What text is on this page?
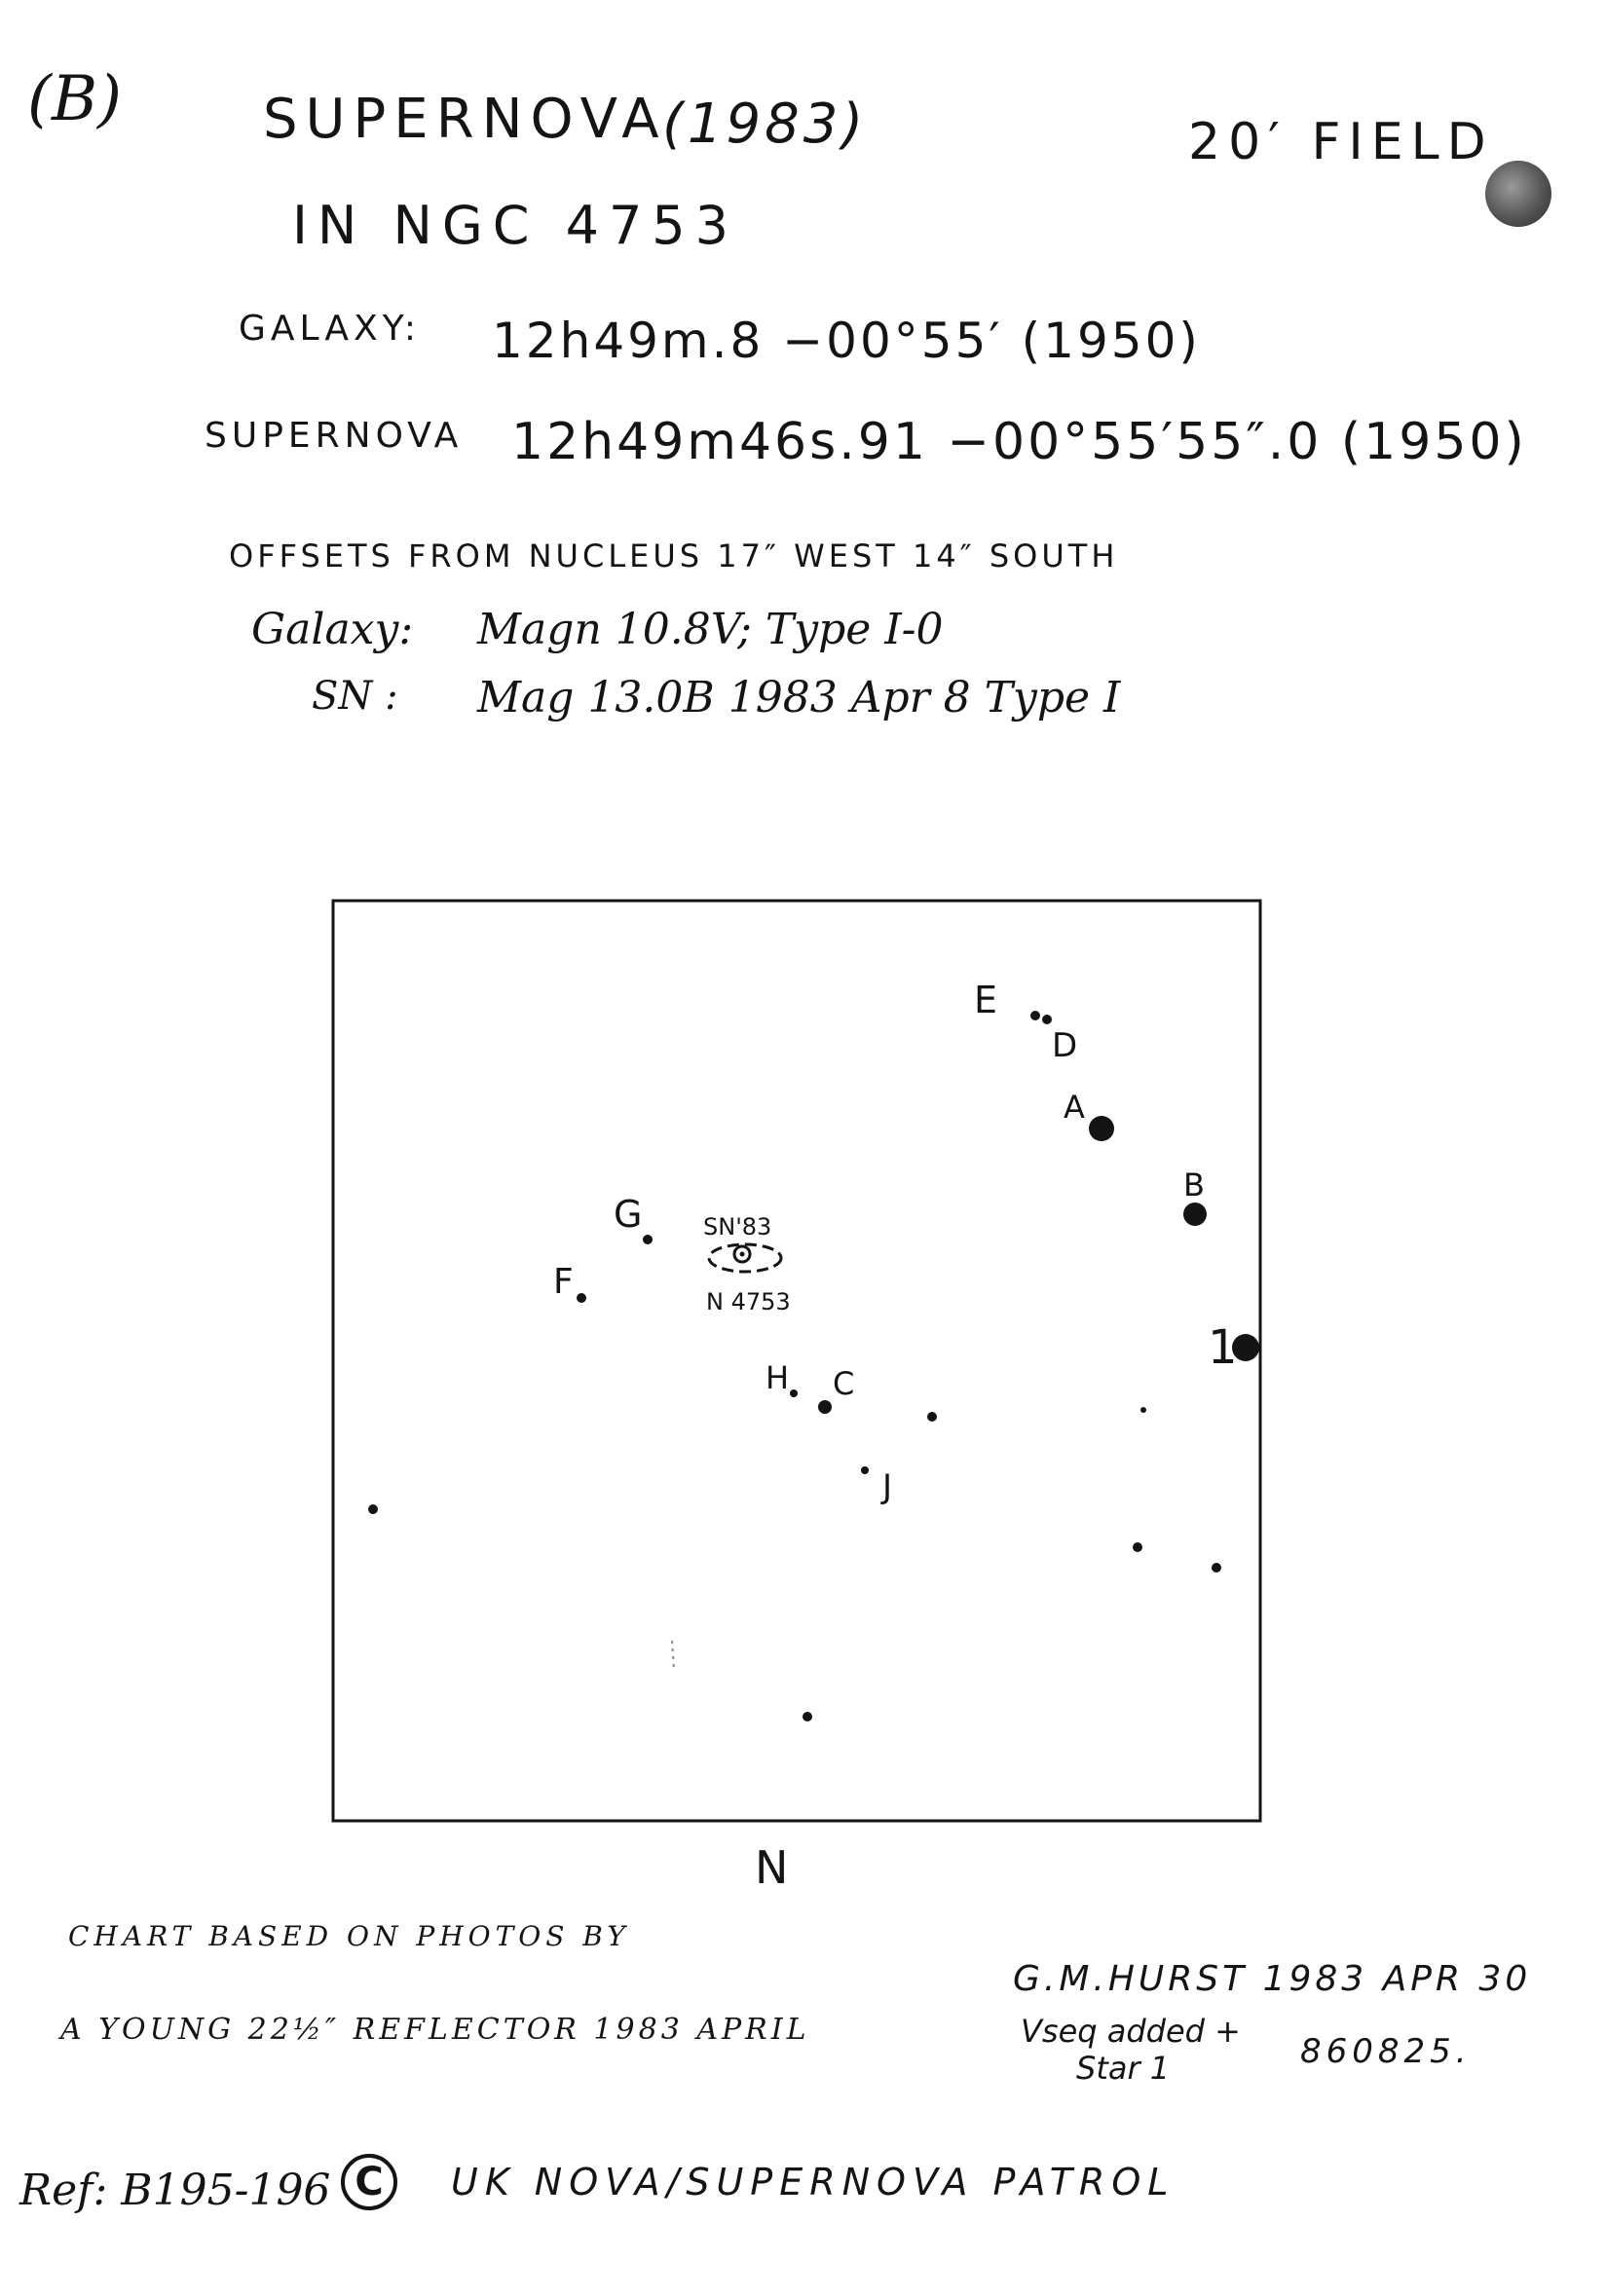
(B)	SUPERNOVA
(1983)	20′ FIELD
IN NGC 4753
GALAXY: 12h49m.8 −00°55′ (1950)
SUPERNOVA 12h49m46s.91 −00°55′55″.0 (1950)
OFFSETS FROM NUCLEUS 17″ WEST 14″ SOUTH
Galaxy: Magn 10.8V; Type I-0
SN : Mag 13.0B 1983 Apr 8 Type I
E
D
A
B
1
G
F
H C
J
SN'83
N 4753
N
CHART BASED ON PHOTOS BY
A YOUNG 22½″ REFLECTOR 1983 APRIL
G.M.HURST 1983 APR 30
Vseq added +
Star 1	860825.
Ref: B195-196 C	UK NOVA/SUPERNOVA PATROL
